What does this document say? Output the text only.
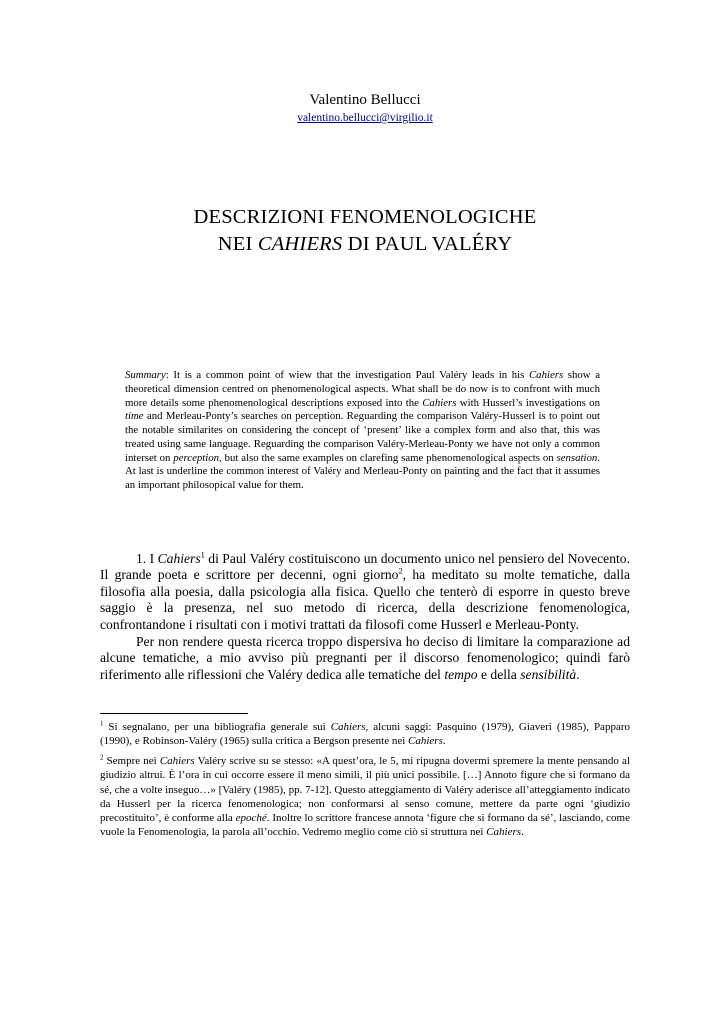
Valentino Bellucci
valentino.bellucci@virgilio.it
DESCRIZIONI FENOMENOLOGICHE
NEI CAHIERS DI PAUL VALÉRY

Summary: It is a common point of wiew that the investigation Paul Valéry leads in his Cahiers show a theoretical dimension centred on phenomenological aspects. What shall be do now is to confront with much more details some phenomenological descriptions exposed into the Cahiers with Husserl’s investigations on time and Merleau-Ponty’s searches on perception. Reguarding the comparison Valéry-Husserl is to point out the notable similarites on considering the concept of ‘present’ like a complex form and also that, this was treated using same language. Reguarding the comparison Valéry-Merleau-Ponty we have not only a common interset on perception, but also the same examples on clarefing same phenomenological aspects on sensation. At last is underline the common interest of Valéry and Merleau-Ponty on painting and the fact that it assumes an important philosopical value for them.

1. I Cahiers$^1$ di Paul Valéry costituiscono un documento unico nel pensiero del Novecento. Il grande poeta e scrittore per decenni, ogni giorno$^2$, ha meditato su molte tematiche, dalla filosofia alla poesia, dalla psicologia alla fisica. Quello che tenterò di esporre in questo breve saggio è la presenza, nel suo metodo di ricerca, della descrizione fenomenologica, confrontandone i risultati con i motivi trattati da filosofi come Husserl e Merleau-Ponty.

Per non rendere questa ricerca troppo dispersiva ho deciso di limitare la comparazione ad alcune tematiche, a mio avviso più pregnanti per il discorso fenomenologico; quindi farò riferimento alle riflessioni che Valéry dedica alle tematiche del tempo e della sensibilità.

$^1$ Si segnalano, per una bibliografia generale sui Cahiers, alcuni saggi: Pasquino (1979), Giaveri (1985), Papparo (1990), e Robinson-Valéry (1965) sulla critica a Bergson presente nei Cahiers.

$^2$ Sempre nei Cahiers Valéry scrive su se stesso: «A quest’ora, le 5, mi ripugna dovermi spremere la mente pensando al giudizio altrui. È l’ora in cui occorre essere il meno simili, il più unici possibile. […] Annoto figure che si formano da sé, che a volte inseguo…» [Valéry (1985), pp. 7-12]. Questo atteggiamento di Valéry aderisce all’atteggiamento indicato da Husserl per la ricerca fenomenologica; non conformarsi al senso comune, mettere da parte ogni ‘giudizio precostituito’, è conforme alla epoché. Inoltre lo scrittore francese annota ‘figure che si formano da sé’, lasciando, come vuole la Fenomenologia, la parola all’occhio. Vedremo meglio come ciò si struttura nei Cahiers.
